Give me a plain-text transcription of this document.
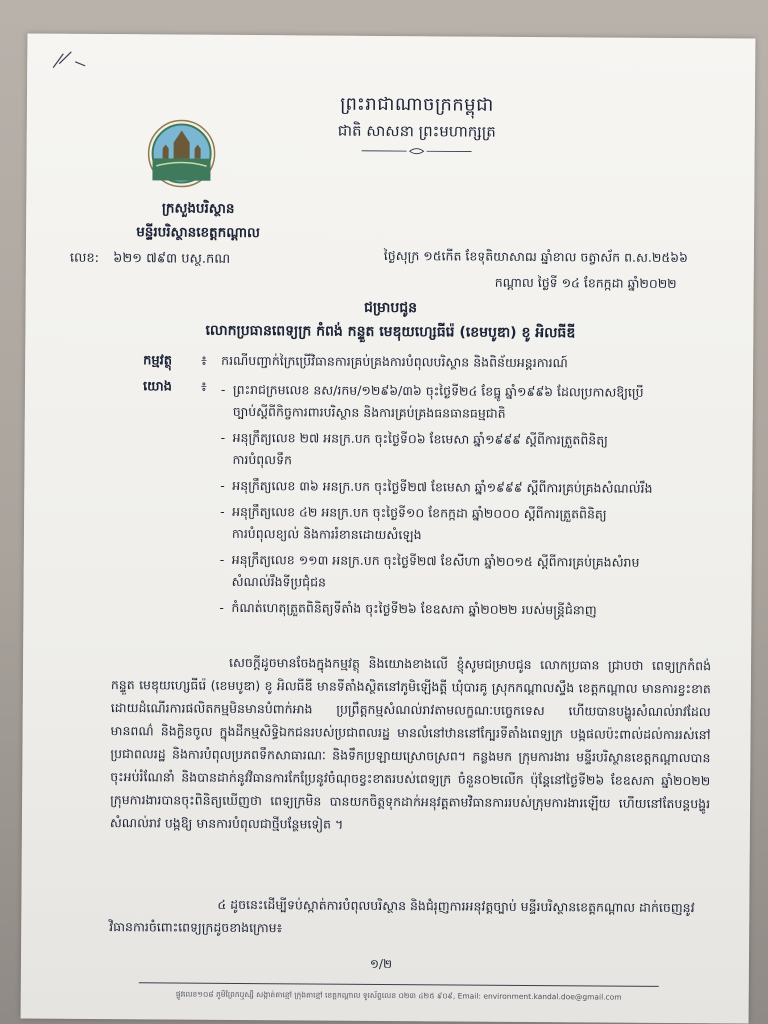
ព្រះរាជាណាចក្រកម្ពុជា
ជាតិ សាសនា ព្រះមហាក្សត្រ
ក្រសួងបរិស្ថាន
មន្ទីរបរិស្ថានខេត្តកណ្តាល
លេខ: ៦២១ ៧៩៣ បស្ថ.កណ	ថ្ងៃសុក្រ ១៥កើត ខែទុតិយាសាឍ ឆ្នាំខាល ចត្វាស័ក ព.ស.២៥៦៦
កណ្តាល ថ្ងៃទី ១៤ ខែកក្កដា ឆ្នាំ២០២២
ជម្រាបជូន
លោកប្រធានពេទ្យក្រ កំពង់ កន្ទួត មេឌុយហ្សេធីរ៉េ (ខេមបូឌា) ខូ អិលធីឌី
កម្មវត្ថុ ៖ ករណីបញ្ជាក់ក្រៃប្រើវិធានការគ្រប់គ្រងការបំពុលបរិស្ថាន និងពិន័យអន្តរការណ៍
យោង ៖ - ព្រះរាជក្រមលេខ នស/រកម/១២៩៦/៣៦ ចុះថ្ងៃទី២៤ ខែធ្នូ ឆ្នាំ១៩៩៦ ដែលប្រកាសឱ្យប្រើ
ច្បាប់ស្តីពីកិច្ចការពារបរិស្ថាន និងការគ្រប់គ្រងធនធានធម្មជាតិ
- អនុក្រឹត្យលេខ ២៧ អនក្រ.បក ចុះថ្ងៃទី០៦ ខែមេសា ឆ្នាំ១៩៩៩ ស្តីពីការត្រួតពិនិត្យ
ការបំពុលទឹក
- អនុក្រឹត្យលេខ ៣៦ អនក្រ.បក ចុះថ្ងៃទី២៧ ខែមេសា ឆ្នាំ១៩៩៩ ស្តីពីការគ្រប់គ្រងសំណល់រឹង
- អនុក្រឹត្យលេខ ៤២ អនក្រ.បក ចុះថ្ងៃទី១០ ខែកក្កដា ឆ្នាំ២០០០ ស្តីពីការត្រួតពិនិត្យ
ការបំពុលខ្យល់ និងការរំខានដោយសំឡេង
- អនុក្រឹត្យលេខ ១១៣ អនក្រ.បក ចុះថ្ងៃទី២៧ ខែសីហា ឆ្នាំ២០១៥ ស្តីពីការគ្រប់គ្រងសំរាម
សំណល់រឹងទីប្រជុំជន
- កំណត់ហេតុត្រួតពិនិត្យទីតាំង ចុះថ្ងៃទី២៦ ខែឧសភា ឆ្នាំ២០២២ របស់មន្ត្រីជំនាញ
សេចក្តីដូចមានចែងក្នុងកម្មវត្ថុ និងយោងខាងលើ ខ្ញុំសូមជម្រាបជូន លោកប្រធាន ជ្រាបថា ពេទ្យក្រកំពង់ កន្ទួត មេឌុយហ្សេធីរ៉េ (ខេមបូឌា) ខូ អិលធីឌី មានទីតាំងស្ថិតនៅភូមិឡើងត្តី ឃុំបារគូ ស្រុកកណ្តាលស្ទឹង ខេត្តកណ្តាល មានការខ្វះខាតដោយដំណើរការផលិតកម្មមិនមានបំពាក់អាង ប្រព្រឹត្តកម្មសំណល់រាវតាមលក្ខណៈបច្ចេកទេស ហើយបានបង្ហូរសំណល់រាវដែលមានពណ៌ និងក្លិនចូល ក្នុងដីកម្មសិទ្ធិឯកជនរបស់ប្រជាពលរដ្ឋ មានលំនៅឋាននៅក្បែរទីតាំងពេទ្យក្រ បង្កផលប៉ះពាល់ដល់ការរស់នៅ ប្រជាពលរដ្ឋ និងការបំពុលប្រភពទឹកសាធារណៈ និងទឹកប្រឡាយស្រោចស្រព។ កន្លងមក ក្រុមការងារ មន្ទីរបរិស្ថានខេត្តកណ្តាលបានចុះអប់រំណែនាំ និងបានដាក់នូវវិធានការកែប្រែនូវចំណុចខ្វះខាតរបស់ពេទ្យក្រ ចំនួន០២លើក ប៉ុន្តែនៅថ្ងៃទី២៦ ខែឧសភា ឆ្នាំ២០២២ ក្រុមការងារបានចុះពិនិត្យឃើញថា ពេទ្យក្រមិន បានយកចិត្តទុកដាក់អនុវត្តតាមវិធានការរបស់ក្រុមការងារឡើយ ហើយនៅតែបន្តបង្ហូរសំណល់រាវ បង្កឱ្យ មានការបំពុលជាថ្មីបន្ថែមទៀត ។
៤ ដូចនេះដើម្បីទប់ស្កាត់ការបំពុលបរិស្ថាន និងជំរុញការអនុវត្តច្បាប់ មន្ទីរបរិស្ថានខេត្តកណ្តាល ដាក់ចេញនូវវិធានការចំពោះពេទ្យក្រដូចខាងក្រោម៖
១/២
ផ្លូវលេខ១០៨ ភូមិព្រែកឬស្សី សង្កាត់តាខ្មៅ ក្រុងតាខ្មៅ ខេត្តកណ្តាល ទូរស័ព្ទលេខ ០២៣ ៤២៥ ៩០៩, Email: environment.kandal.doe@gmail.com
